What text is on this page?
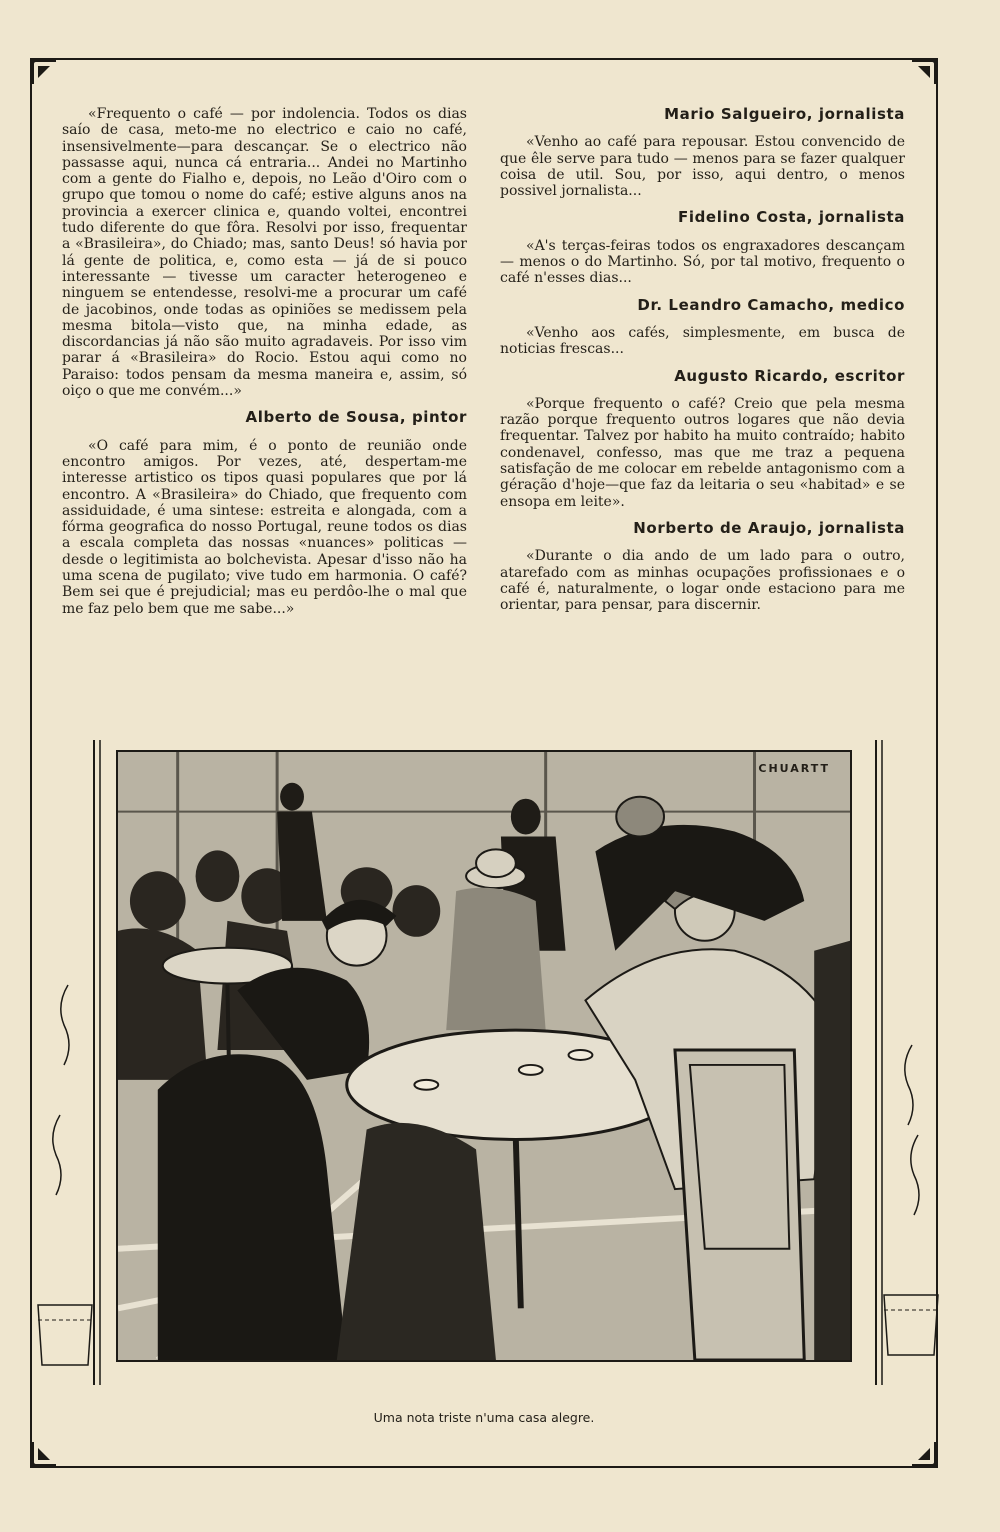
«Frequento o café — por indolencia. Todos os dias saío de casa, meto-me no electrico e caio no café, insensivelmente—para descançar. Se o electrico não passasse aqui, nunca cá entraria... Andei no Martinho com a gente do Fialho e, depois, no Leão d'Oiro com o grupo que tomou o nome do café; estive alguns anos na provincia a exercer clinica e, quando voltei, encontrei tudo diferente do que fôra. Resolvi por isso, frequentar a «Brasileira», do Chiado; mas, santo Deus! só havia por lá gente de politica, e, como esta — já de si pouco interessante — tivesse um caracter heterogeneo e ninguem se entendesse, resolvi-me a procurar um café de jacobinos, onde todas as opiniões se medissem pela mesma bitola—visto que, na minha edade, as discordancias já não são muito agradaveis. Por isso vim parar á «Brasileira» do Rocio. Estou aqui como no Paraiso: todos pensam da mesma maneira e, assim, só oiço o que me convém...»

Alberto de Sousa, pintor

«O café para mim, é o ponto de reunião onde encontro amigos. Por vezes, até, despertam-me interesse artistico os tipos quasi populares que por lá encontro. A «Brasileira» do Chiado, que frequento com assiduidade, é uma sintese: estreita e alongada, com a fórma geografica do nosso Portugal, reune todos os dias a escala completa das nossas «nuances» politicas — desde o legitimista ao bolchevista. Apesar d'isso não ha uma scena de pugilato; vive tudo em harmonia. O café? Bem sei que é prejudicial; mas eu perdôo-lhe o mal que me faz pelo bem que me sabe...»

Mario Salgueiro, jornalista

«Venho ao café para repousar. Estou convencido de que êle serve para tudo — menos para se fazer qualquer coisa de util. Sou, por isso, aqui dentro, o menos possivel jornalista...

Fidelino Costa, jornalista

«A's terças-feiras todos os engraxadores descançam — menos o do Martinho. Só, por tal motivo, frequento o café n'esses dias...

Dr. Leandro Camacho, medico

«Venho aos cafés, simplesmente, em busca de noticias frescas...

Augusto Ricardo, escritor

«Porque frequento o café? Creio que pela mesma razão porque frequento outros logares que não devia frequentar. Talvez por habito ha muito contraído; habito condenavel, confesso, mas que me traz a pequena satisfação de me colocar em rebelde antagonismo com a géração d'hoje—que faz da leitaria o seu «habitad» e se ensopa em leite».

Norberto de Araujo, jornalista

«Durante o dia ando de um lado para o outro, atarefado com as minhas ocupações profissionaes e o café é, naturalmente, o logar onde estaciono para me orientar, para pensar, para discernir.

CHUARTT
Uma nota triste n'uma casa alegre.
